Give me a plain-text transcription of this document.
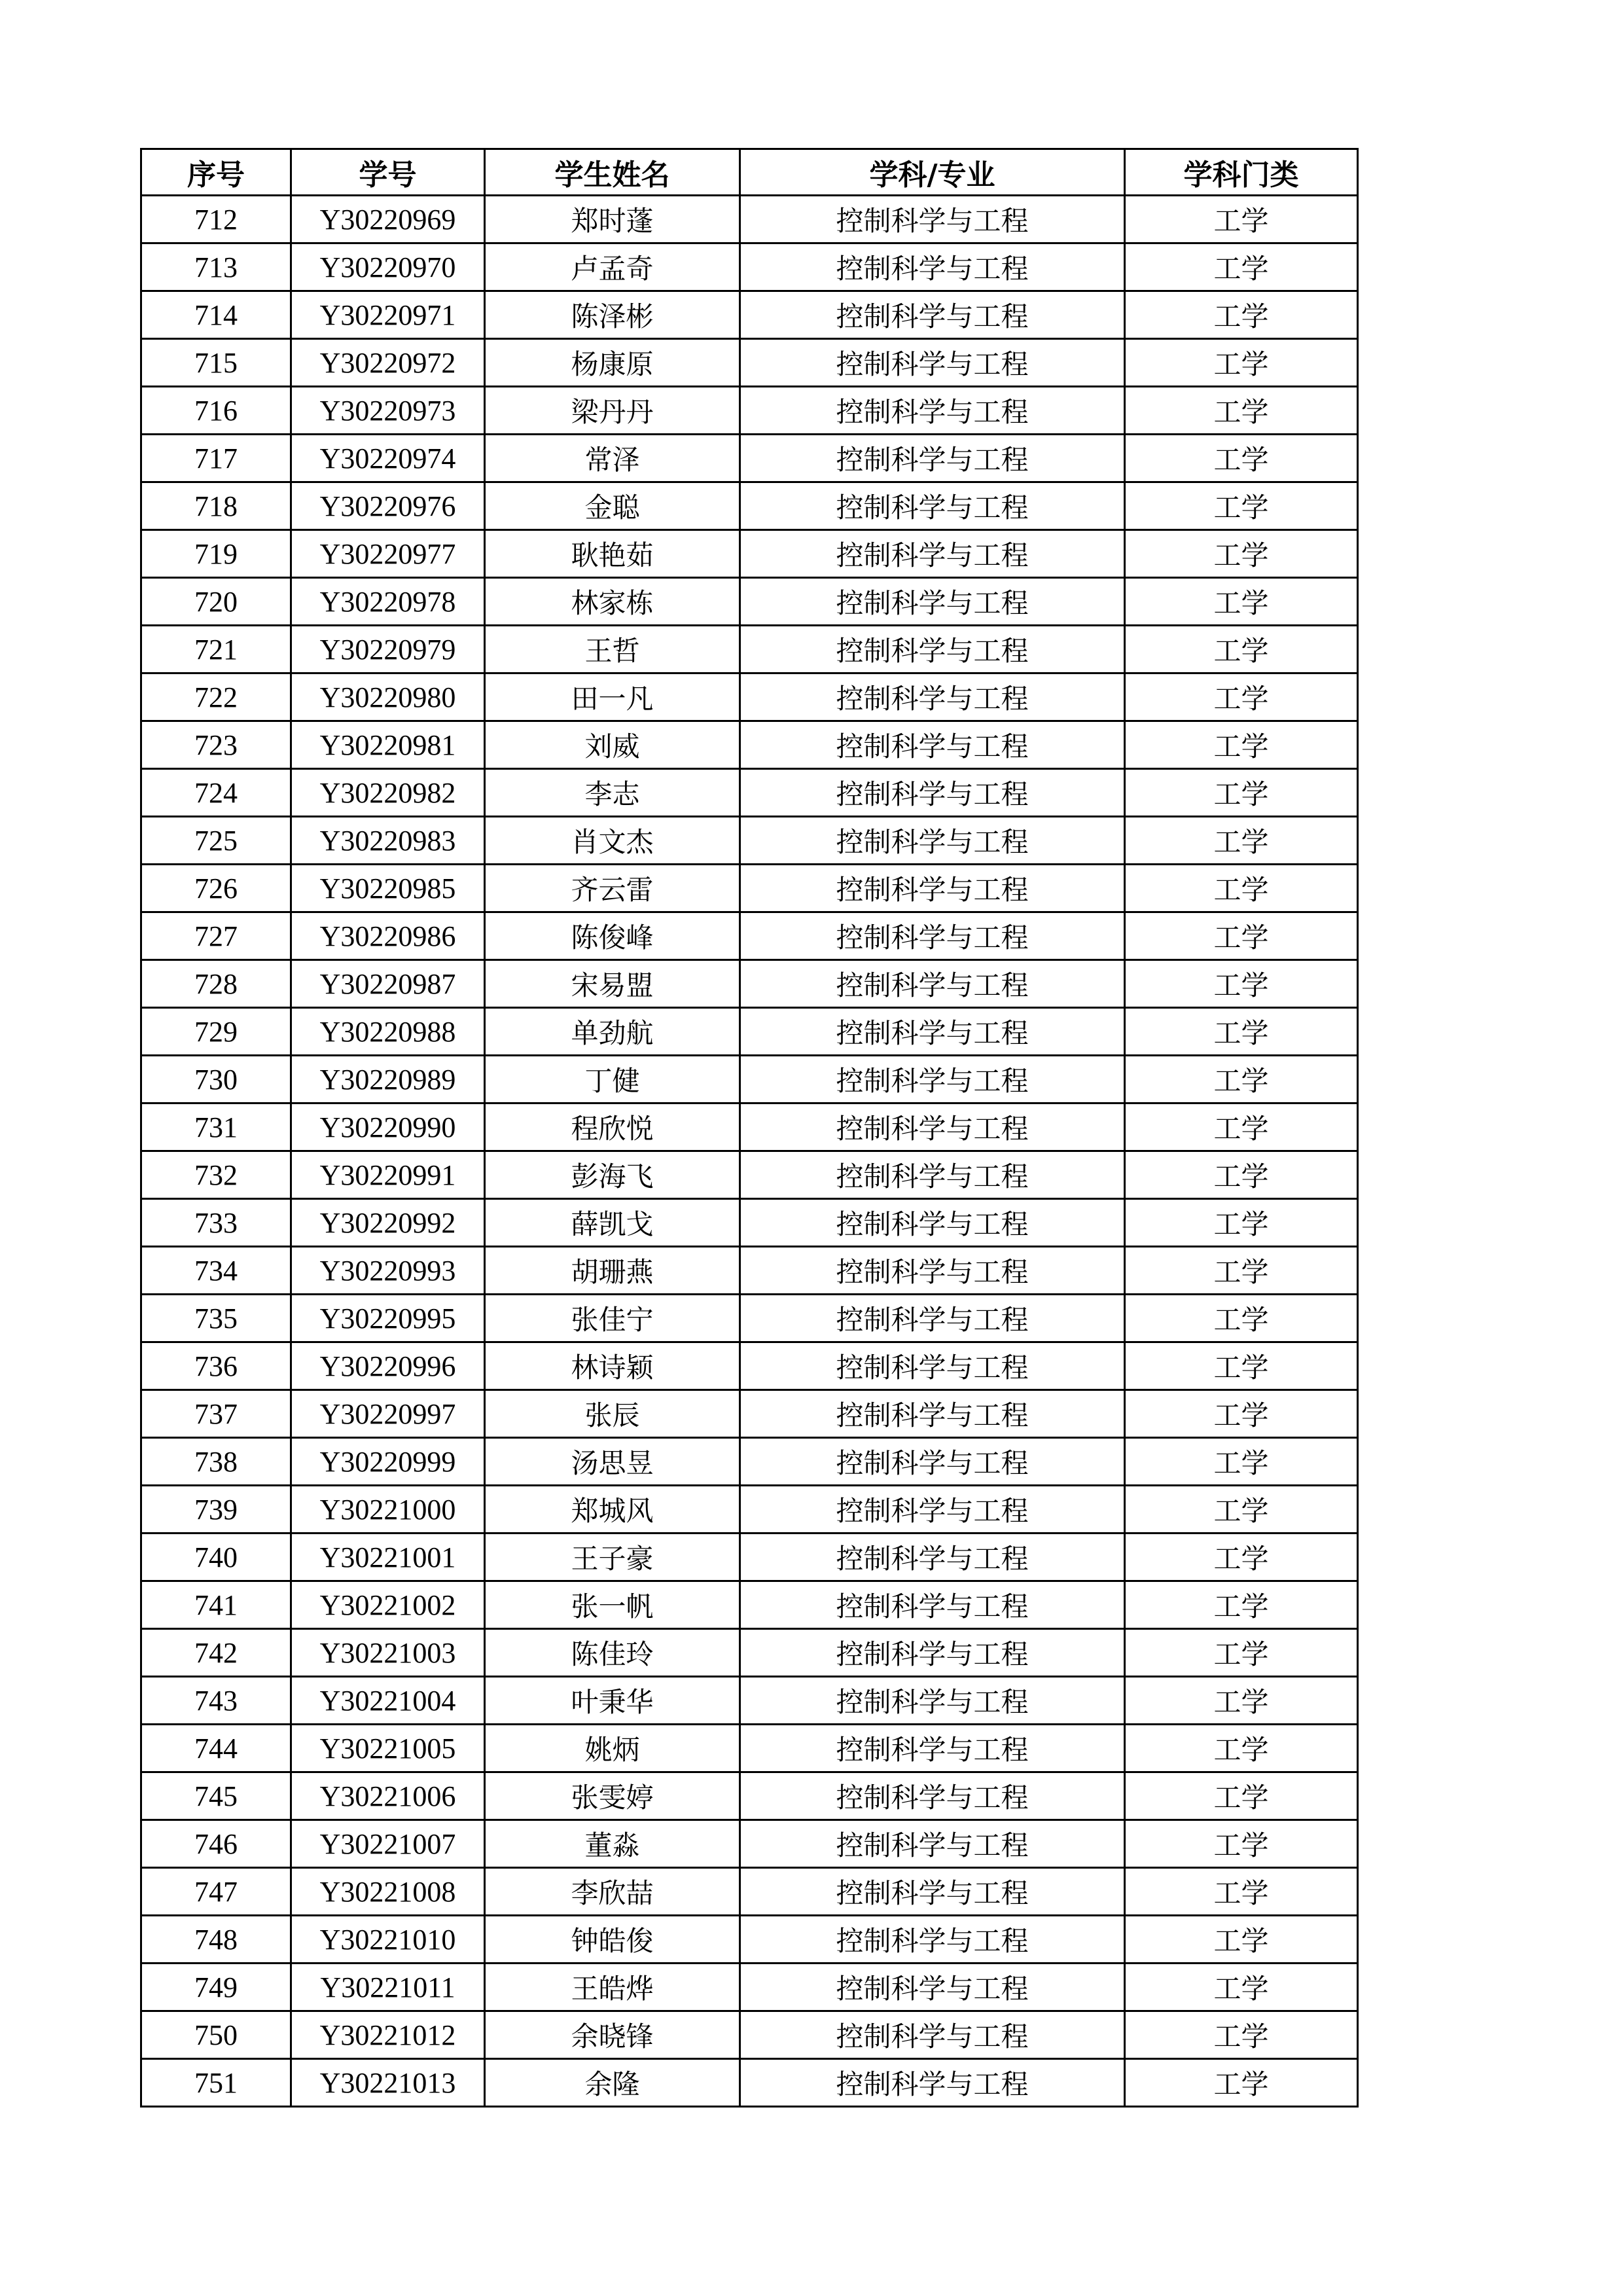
序号	学号	学生姓名	学科/专业	学科门类
712	Y30220969	郑时蓬	控制科学与工程	工学
713	Y30220970	卢孟奇	控制科学与工程	工学
714	Y30220971	陈泽彬	控制科学与工程	工学
715	Y30220972	杨康原	控制科学与工程	工学
716	Y30220973	梁丹丹	控制科学与工程	工学
717	Y30220974	常泽	控制科学与工程	工学
718	Y30220976	金聪	控制科学与工程	工学
719	Y30220977	耿艳茹	控制科学与工程	工学
720	Y30220978	林家栋	控制科学与工程	工学
721	Y30220979	王哲	控制科学与工程	工学
722	Y30220980	田一凡	控制科学与工程	工学
723	Y30220981	刘威	控制科学与工程	工学
724	Y30220982	李志	控制科学与工程	工学
725	Y30220983	肖文杰	控制科学与工程	工学
726	Y30220985	齐云雷	控制科学与工程	工学
727	Y30220986	陈俊峰	控制科学与工程	工学
728	Y30220987	宋易盟	控制科学与工程	工学
729	Y30220988	单劲航	控制科学与工程	工学
730	Y30220989	丁健	控制科学与工程	工学
731	Y30220990	程欣悦	控制科学与工程	工学
732	Y30220991	彭海飞	控制科学与工程	工学
733	Y30220992	薛凯戈	控制科学与工程	工学
734	Y30220993	胡珊燕	控制科学与工程	工学
735	Y30220995	张佳宁	控制科学与工程	工学
736	Y30220996	林诗颖	控制科学与工程	工学
737	Y30220997	张辰	控制科学与工程	工学
738	Y30220999	汤思昱	控制科学与工程	工学
739	Y30221000	郑城风	控制科学与工程	工学
740	Y30221001	王子豪	控制科学与工程	工学
741	Y30221002	张一帆	控制科学与工程	工学
742	Y30221003	陈佳玲	控制科学与工程	工学
743	Y30221004	叶秉华	控制科学与工程	工学
744	Y30221005	姚炳	控制科学与工程	工学
745	Y30221006	张雯婷	控制科学与工程	工学
746	Y30221007	董淼	控制科学与工程	工学
747	Y30221008	李欣喆	控制科学与工程	工学
748	Y30221010	钟皓俊	控制科学与工程	工学
749	Y30221011	王皓烨	控制科学与工程	工学
750	Y30221012	余晓锋	控制科学与工程	工学
751	Y30221013	余隆	控制科学与工程	工学
